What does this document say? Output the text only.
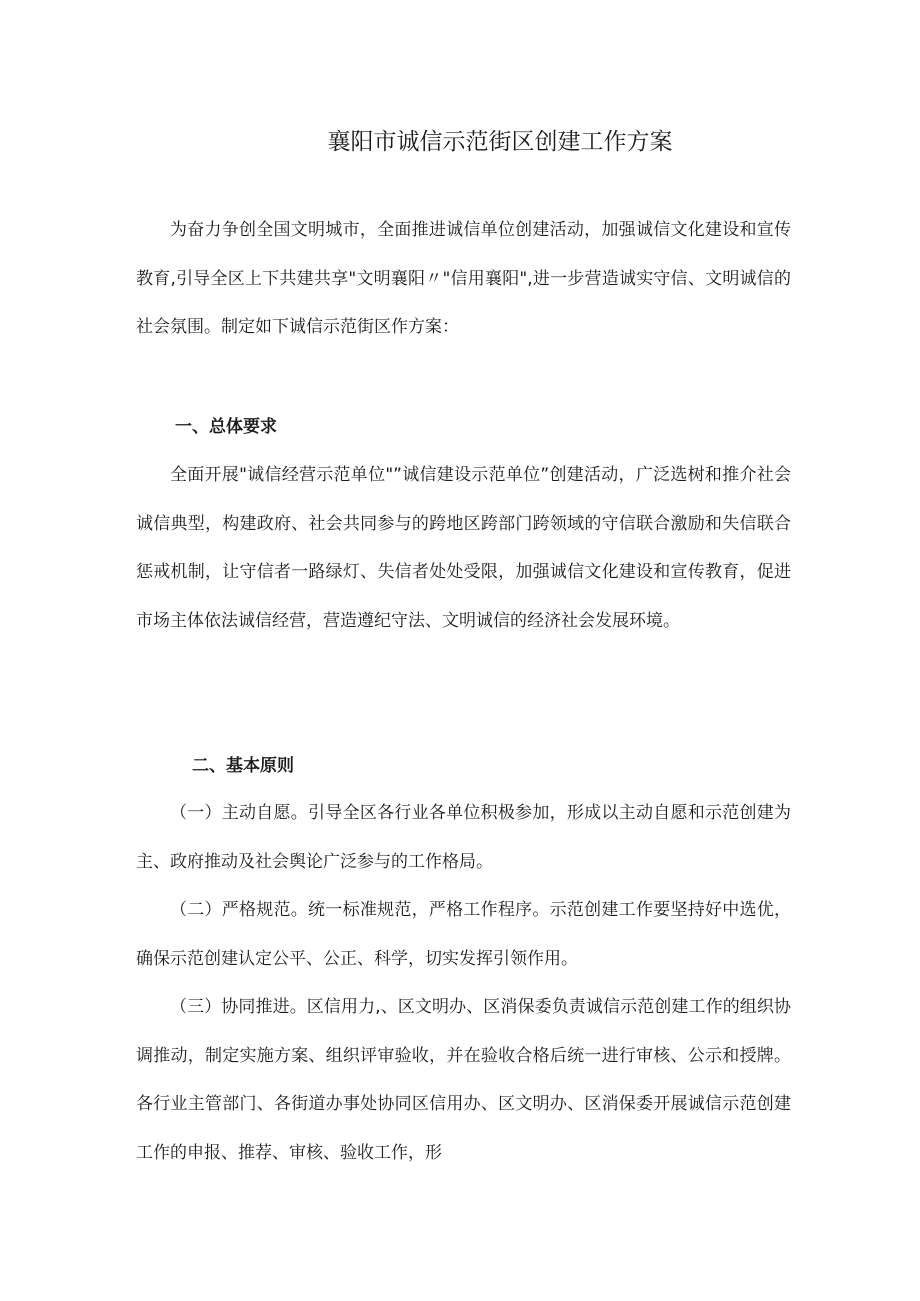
襄阳市诚信示范街区创建工作方案

为奋力争创全国文明城市，全面推进诚信单位创建活动，加强诚信文化建设和宣传教育,引导全区上下共建共享"文明襄阳〃"信用襄阳",进一步营造诚实守信、文明诚信的社会氛围。制定如下诚信示范街区作方案：

一、总体要求

全面开展"诚信经营示范单位"”诚信建设示范单位”创建活动，广泛选树和推介社会诚信典型，构建政府、社会共同参与的跨地区跨部门跨领域的守信联合激励和失信联合惩戒机制，让守信者一路绿灯、失信者处处受限，加强诚信文化建设和宣传教育，促进市场主体依法诚信经营，营造遵纪守法、文明诚信的经济社会发展环境。

二、基本原则

（一）主动自愿。引导全区各行业各单位积极参加，形成以主动自愿和示范创建为主、政府推动及社会舆论广泛参与的工作格局。

（二）严格规范。统一标准规范，严格工作程序。示范创建工作要坚持好中选优，确保示范创建认定公平、公正、科学，切实发挥引领作用。

（三）协同推进。区信用力,、区文明办、区消保委负责诚信示范创建工作的组织协调推动，制定实施方案、组织评审验收，并在验收合格后统一进行审核、公示和授牌。各行业主管部门、各街道办事处协同区信用办、区文明办、区消保委开展诚信示范创建工作的申报、推荐、审核、验收工作，形
